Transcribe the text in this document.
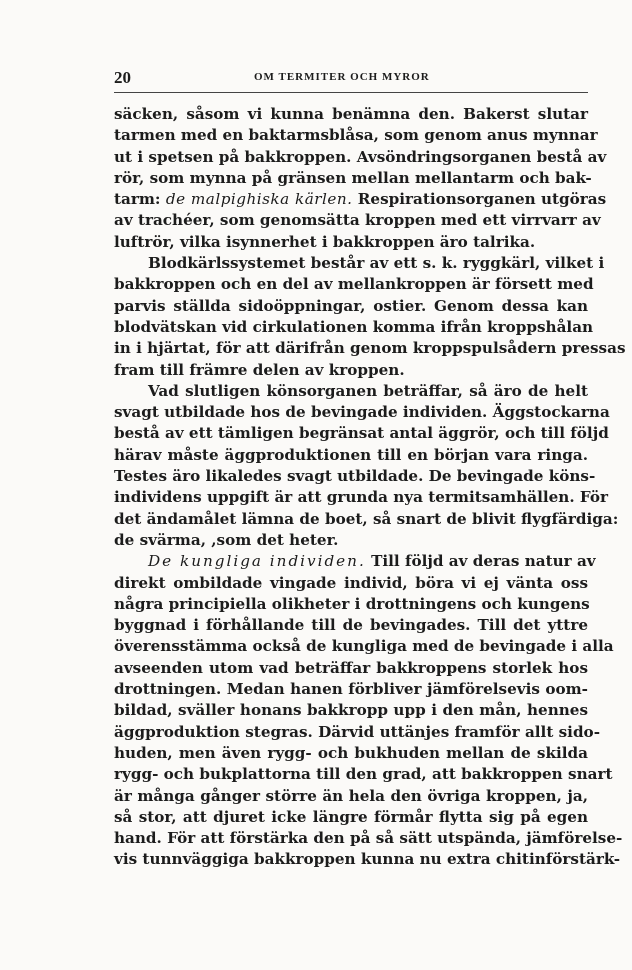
20	OM TERMITER OCH MYROR
säcken, såsom vi kunna benämna den. Bakerst slutar
tarmen med en baktarmsblåsa, som genom anus mynnar
ut i spetsen på bakkroppen. Avsöndringsorganen bestå av
rör, som mynna på gränsen mellan mellantarm och bak-
tarm: de malpighiska kärlen. Respirationsorganen utgöras
av trachéer, som genomsätta kroppen med ett virrvarr av
luftrör, vilka isynnerhet i bakkroppen äro talrika.
Blodkärlssystemet består av ett s. k. ryggkärl, vilket i
bakkroppen och en del av mellankroppen är försett med
parvis ställda sidoöppningar, ostier. Genom dessa kan
blodvätskan vid cirkulationen komma ifrån kroppshålan
in i hjärtat, för att därifrån genom kroppspulsådern pressas
fram till främre delen av kroppen.
Vad slutligen könsorganen beträffar, så äro de helt
svagt utbildade hos de bevingade individen. Äggstockarna
bestå av ett tämligen begränsat antal äggrör, och till följd
härav måste äggproduktionen till en början vara ringa.
Testes äro likaledes svagt utbildade. De bevingade köns-
individens uppgift är att grunda nya termitsamhällen. För
det ändamålet lämna de boet, så snart de blivit flygfärdiga:
de svärma, ,som det heter.
De kungliga individen. Till följd av deras natur av
direkt ombildade vingade individ, böra vi ej vänta oss
några principiella olikheter i drottningens och kungens
byggnad i förhållande till de bevingades. Till det yttre
överensstämma också de kungliga med de bevingade i alla
avseenden utom vad beträffar bakkroppens storlek hos
drottningen. Medan hanen förbliver jämförelsevis oom-
bildad, sväller honans bakkropp upp i den mån, hennes
äggproduktion stegras. Därvid uttänjes framför allt sido-
huden, men även rygg- och bukhuden mellan de skilda
rygg- och bukplattorna till den grad, att bakkroppen snart
är många gånger större än hela den övriga kroppen, ja,
så stor, att djuret icke längre förmår flytta sig på egen
hand. För att förstärka den på så sätt utspända, jämförelse-
vis tunnväggiga bakkroppen kunna nu extra chitinförstärk-
